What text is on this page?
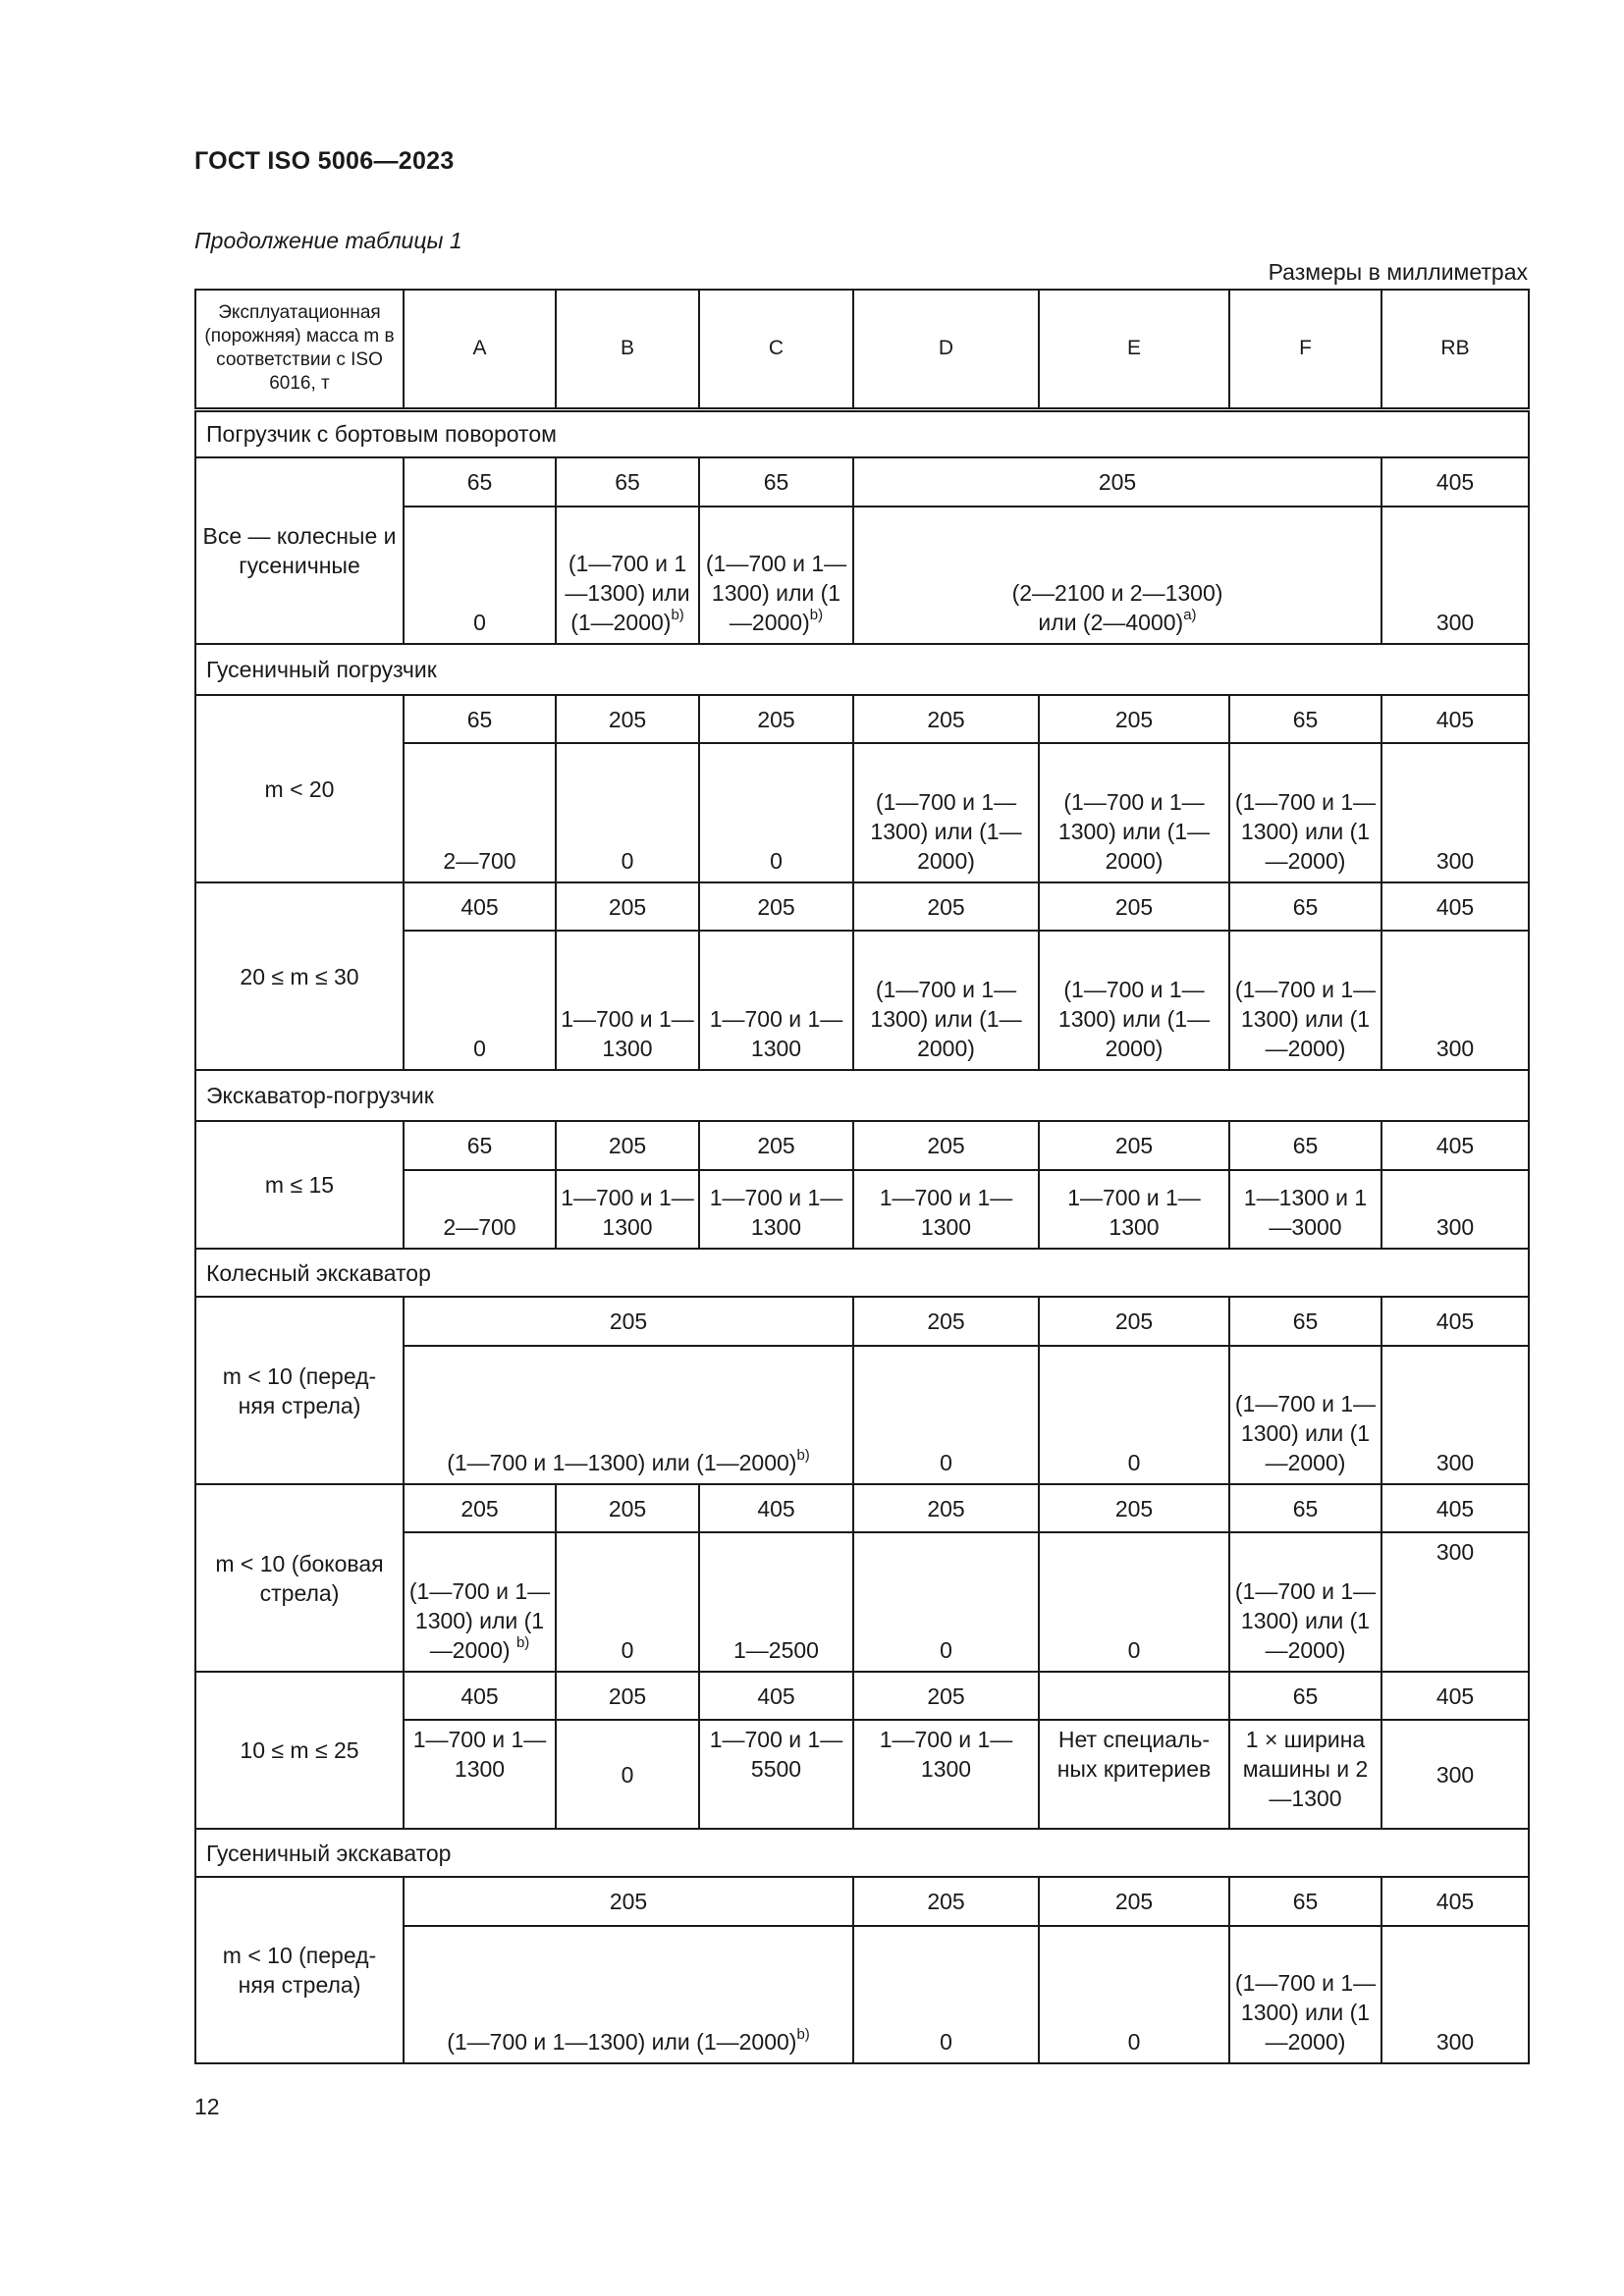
ГОСТ ISO 5006—2023
Продолжение таблицы 1
Размеры в миллиметрах
Эксплуатационная (порожняя) масса m в соответствии с ISO 6016, т	A	B	C	D	E	F	RB
Погрузчик с бортовым поворотом							
Все — колесные и гусеничные	65	65	65	205			405
	0	(1—700 и 1—1300) или (1—2000)$^{b)}$	(1—700 и 1—1300) или (1—2000)$^{b)}$	(2—2100 и 2—1300) или (2—4000)$^{a)}$			300
Гусеничный погрузчик							
m < 20	65	205	205	205	205	65	405
	2—700	0	0	(1—700 и 1—1300) или (1—2000)	(1—700 и 1—1300) или (1—2000)	(1—700 и 1—1300) или (1—2000)	300
20 ≤ m ≤ 30	405	205	205	205	205	65	405
	0	1—700 и 1—1300	1—700 и 1—1300	(1—700 и 1—1300) или (1—2000)	(1—700 и 1—1300) или (1—2000)	(1—700 и 1—1300) или (1—2000)	300
Экскаватор-погрузчик							
m ≤ 15	65	205	205	205	205	65	405
	2—700	1—700 и 1—1300	1—700 и 1—1300	1—700 и 1—1300	1—700 и 1—1300	1—1300 и 1—3000	300
Колесный экскаватор							

m < 10 (перед-няя стрела)	205			205	205	65	405
	(1—700 и 1—1300) или (1—2000)$^{b)}$			0	0	(1—700 и 1—1300) или (1—2000)	300

m < 10 (боковая стрела)	205	205	405	205	205	65	405
	(1—700 и 1—1300) или (1—2000) $^{b)}$	0	1—2500	0	0	(1—700 и 1—1300) или (1—2000)	300
10 ≤ m ≤ 25	405	205	405	205		65	405
	1—700 и 1—1300	0	1—700 и 1—5500	1—700 и 1—1300	Нет специаль-ных критериев	1 × ширина машины и 2—1300	300
Гусеничный экскаватор							

m < 10 (перед-няя стрела)	205			205	205	65	405
	(1—700 и 1—1300) или (1—2000)$^{b)}$			0	0	(1—700 и 1—1300) или (1—2000)	300
12
